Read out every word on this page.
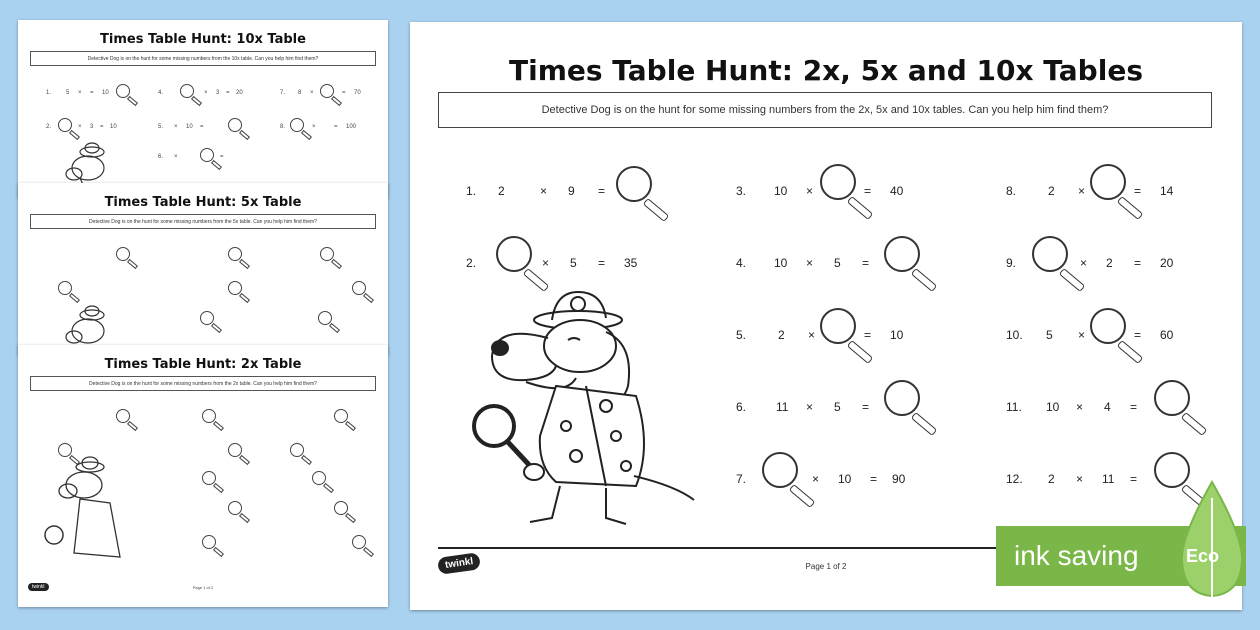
Times Table Hunt: 10x Table
Detective Dog is on the hunt for some missing numbers from the 10x table. Can you help him find them?
1. 5 × = 10	4.	× 3 = 20	7. 8 ×	= 70
2.	× 3 = 10	5. × 10 =	8.	×	= 100
6. ×	=
Times Table Hunt: 5x Table
Detective Dog is on the hunt for some missing numbers from the 5x table. Can you help him find them?
Times Table Hunt: 2x Table
Detective Dog is on the hunt for some missing numbers from the 2x table. Can you help him find them?
twinkl	Page 1 of 2
Times Table Hunt: 2x, 5x and 10x Tables
Detective Dog is on the hunt for some missing numbers from the 2x, 5x and 10x tables. Can you help him find them?
1. 2	× 9 =
2.	× 5 = 35
3. 10 ×	= 40
4. 10 × 5 =
5.	2 ×	= 10
6. 11 × 5 =
7.	× 10 = 90
8.	2 ×	= 14
9.	× 2 = 20
10. 5 ×	= 60
11. 10 × 4 =
12. 2 × 11 =
twinkl	Page 1 of 2	ink saving	Eco
